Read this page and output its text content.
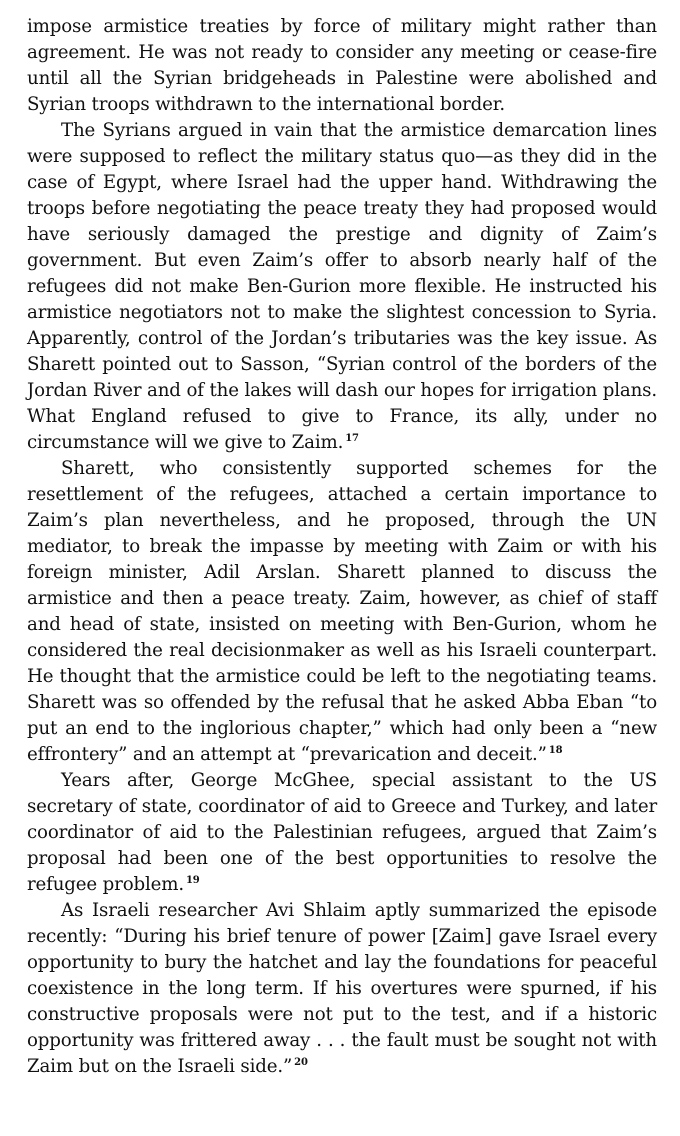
impose armistice treaties by force of military might rather than agreement. He was not ready to consider any meeting or cease-fire until all the Syrian bridgeheads in Palestine were abolished and Syrian troops withdrawn to the international border.

The Syrians argued in vain that the armistice demarcation lines were supposed to reflect the military status quo—as they did in the case of Egypt, where Israel had the upper hand. Withdrawing the troops before negotiating the peace treaty they had proposed would have seriously damaged the prestige and dignity of Zaim’s government. But even Zaim’s offer to absorb nearly half of the refugees did not make Ben-Gurion more flexible. He instructed his armistice negotiators not to make the slightest concession to Syria. Apparently, control of the Jordan’s tributaries was the key issue. As Sharett pointed out to Sasson, “Syrian control of the borders of the Jordan River and of the lakes will dash our hopes for irrigation plans. What England refused to give to France, its ally, under no circumstance will we give to Zaim. $^{17}$

Sharett, who consistently supported schemes for the resettlement of the refugees, attached a certain importance to Zaim’s plan nevertheless, and he proposed, through the UN mediator, to break the impasse by meeting with Zaim or with his foreign minister, Adil Arslan. Sharett planned to discuss the armistice and then a peace treaty. Zaim, however, as chief of staff and head of state, insisted on meeting with Ben-Gurion, whom he considered the real decisionmaker as well as his Israeli counterpart. He thought that the armistice could be left to the negotiating teams. Sharett was so offended by the refusal that he asked Abba Eban “to put an end to the inglorious chapter,” which had only been a “new effrontery” and an attempt at “prevarication and deceit.” $^{18}$

Years after, George McGhee, special assistant to the US secretary of state, coordinator of aid to Greece and Turkey, and later coordinator of aid to the Palestinian refugees, argued that Zaim’s proposal had been one of the best opportunities to resolve the refugee problem. $^{19}$

As Israeli researcher Avi Shlaim aptly summarized the episode recently: “During his brief tenure of power [Zaim] gave Israel every opportunity to bury the hatchet and lay the foundations for peaceful coexistence in the long term. If his overtures were spurned, if his constructive proposals were not put to the test, and if a historic opportunity was frittered away . . . the fault must be sought not with Zaim but on the Israeli side.” $^{20}$
